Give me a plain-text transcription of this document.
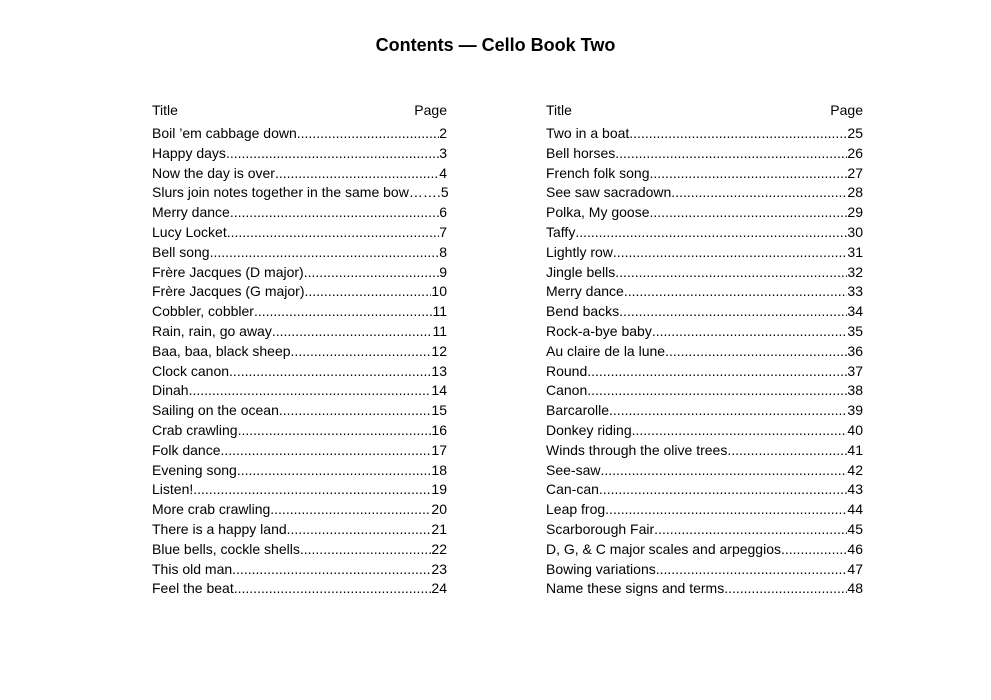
Contents — Cello Book Two
Title	Page
Boil ’em cabbage down .....	2
Happy days .....	3
Now the day is over .....	4
Slurs join notes together in the same bow…… ..... 5
Merry dance .....	6
Lucy Locket .....	7
Bell song .....	8
Frère Jacques (D major) .....	9
Frère Jacques (G major) .....	10
Cobbler, cobbler .....	11
Rain, rain, go away .....	11
Baa, baa, black sheep .....	12
Clock canon .....	13
Dinah .....	14
Sailing on the ocean .....	15
Crab crawling .....	16
Folk dance .....	17
Evening song .....	18
Listen! .....	19
More crab crawling .....	20
There is a happy land .....	21
Blue bells, cockle shells .....	22
This old man .....	23
Feel the beat .....	24
Title	Page
Two in a boat .....	25
Bell horses .....	26
French folk song .....	27
See saw sacradown .....	28
Polka, My goose .....	29
Taffy .....	30
Lightly row .....	31
Jingle bells .....	32
Merry dance .....	33
Bend backs .....	34
Rock-a-bye baby .....	35
Au claire de la lune .....	36
Round .....	37
Canon .....	38
Barcarolle .....	39
Donkey riding .....	40
Winds through the olive trees .....	41
See-saw .....	42
Can-can .....	43
Leap frog .....	44
Scarborough Fair .....	45
D, G, & C major scales and arpeggios .....	46
Bowing variations .....	47
Name these signs and terms .....	48
